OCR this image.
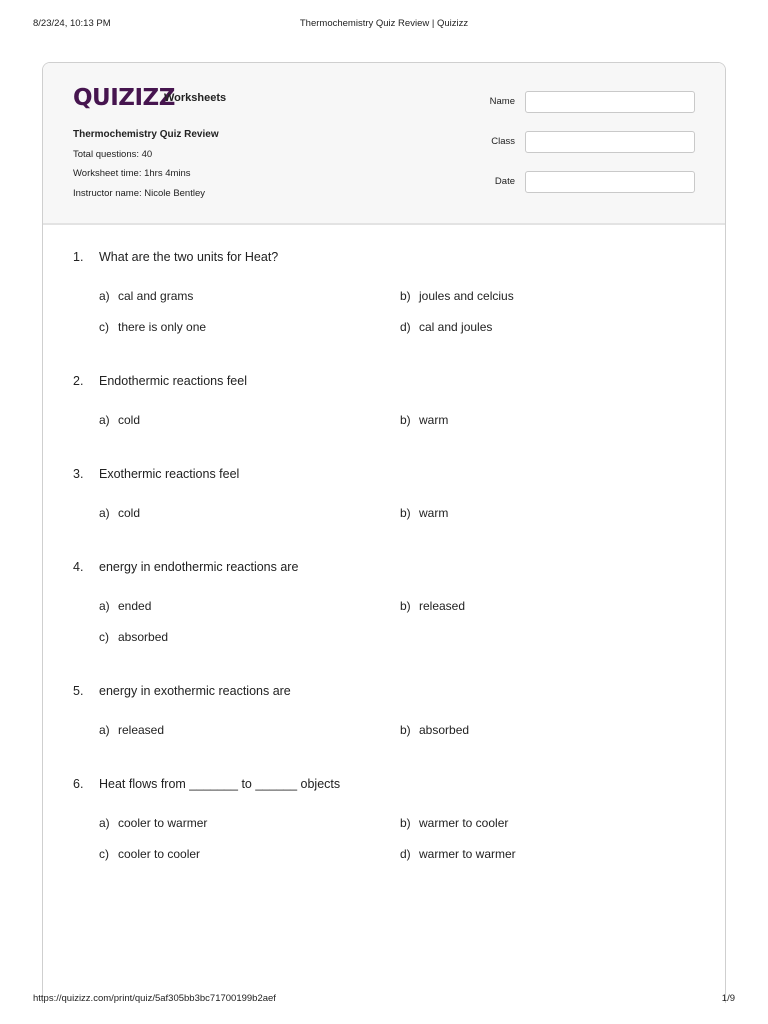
8/23/24, 10:13 PM	Thermochemistry Quiz Review | Quizizz
QUIZIZZ
Worksheets
Thermochemistry Quiz Review
Total questions: 40
Worksheet time: 1hrs 4mins
Instructor name: Nicole Bentley
Name
Class
Date
1. What are the two units for Heat?
a) cal and grams	b) joules and celcius
c) there is only one	d) cal and joules
2. Endothermic reactions feel
a) cold	b) warm
3. Exothermic reactions feel
a) cold	b) warm
4. energy in endothermic reactions are
a) ended	b) released
c) absorbed
5. energy in exothermic reactions are
a) released	b) absorbed
6. Heat flows from _______ to ______ objects
a) cooler to warmer	b) warmer to cooler
c) cooler to cooler	d) warmer to warmer
https://quizizz.com/print/quiz/5af305bb3bc71700199b2aef	1/9
